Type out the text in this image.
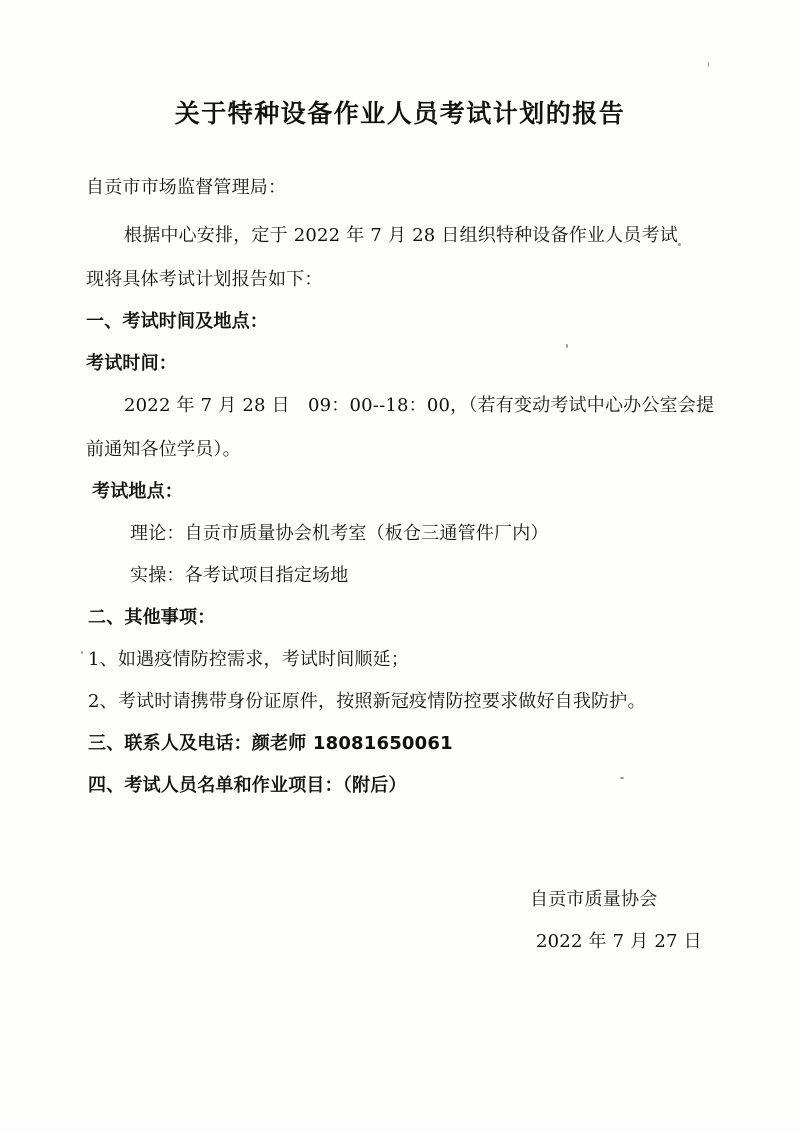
关于特种设备作业人员考试计划的报告
自贡市市场监督管理局：
根据中心安排，定于 2022 年 7 月 28 日组织特种设备作业人员考试
现将具体考试计划报告如下：
一、考试时间及地点：
考试时间：
2022 年 7 月 28 日　09：00--18：00，（若有变动考试中心办公室会提
前通知各位学员）。
考试地点：
理论：自贡市质量协会机考室（板仓三通管件厂内）
实操：各考试项目指定场地
二、其他事项：
1、如遇疫情防控需求，考试时间顺延；
2、考试时请携带身份证原件，按照新冠疫情防控要求做好自我防护。
三、联系人及电话：颜老师 18081650061
四、考试人员名单和作业项目：（附后）
自贡市质量协会
2022 年 7 月 27 日
